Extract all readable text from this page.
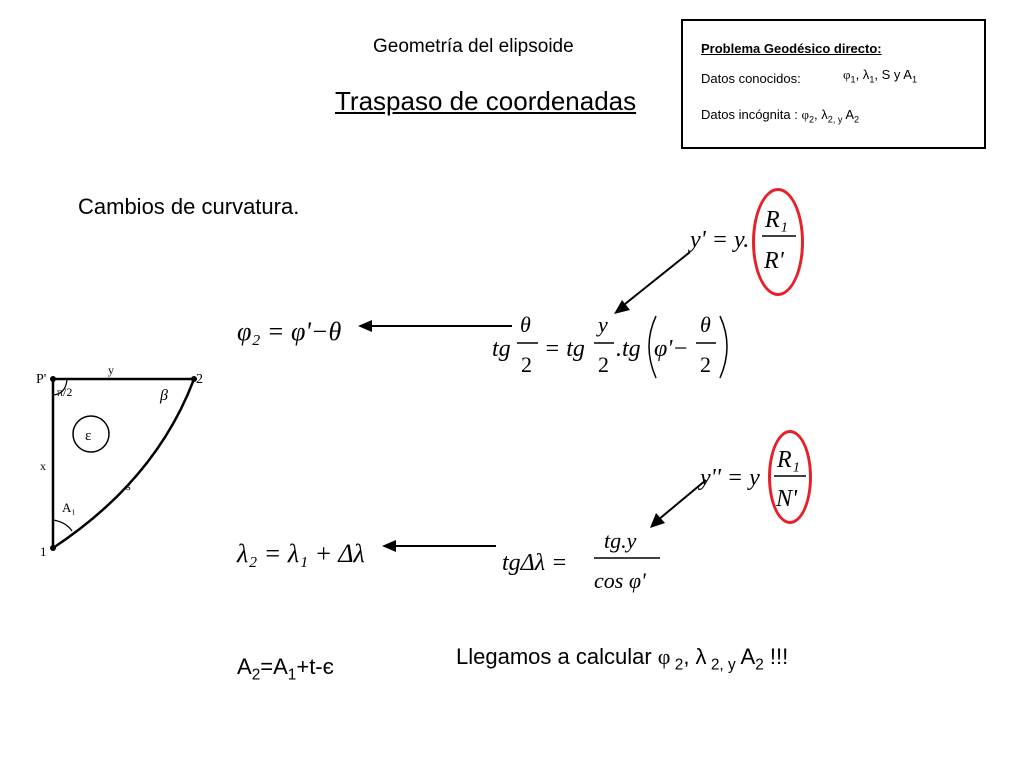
Geometría del elipsoide
Traspaso de coordenadas
Problema Geodésico directo:
Datos conocidos:	$\varphi_1$, $\lambda_1$, S y $A_1$
Datos incógnita : $\varphi_2$, $\lambda_{2, y}$ $A_2$
Cambios de curvatura.
P'
y
2
π/2	β
ε
x
s
A₁
1
y' = y.
R₁
R'
φ₂ = φ'−θ
tg
θ
2
= tg
y
2
.tg φ'−
θ
2
y'' = y
R₁
N'
λ₂ = λ₁ + Δλ	tgΔλ =
tg.y
cos φ'
$A_2=A_1+t-є$	Llegamos a calcular φ $_2$, λ $_{2, y}$ $A_2$ !!!
